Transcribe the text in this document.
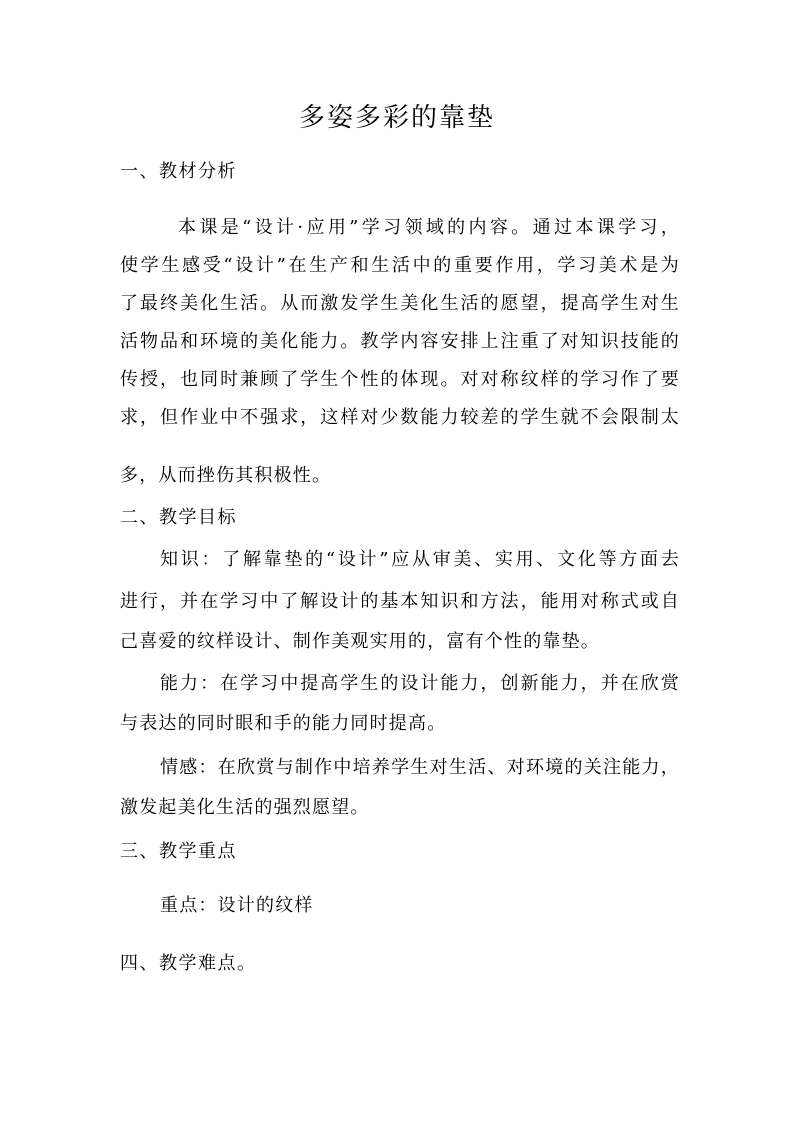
多姿多彩的靠垫
一、教材分析
本课是“设计·应用”学习领域的内容。通过本课学习，
使学生感受“设计”在生产和生活中的重要作用，学习美术是为
了最终美化生活。从而激发学生美化生活的愿望，提高学生对生
活物品和环境的美化能力。教学内容安排上注重了对知识技能的
传授，也同时兼顾了学生个性的体现。对对称纹样的学习作了要
求，但作业中不强求，这样对少数能力较差的学生就不会限制太
多，从而挫伤其积极性。
二、教学目标
知识：了解靠垫的“设计”应从审美、实用、文化等方面去
进行，并在学习中了解设计的基本知识和方法，能用对称式或自
己喜爱的纹样设计、制作美观实用的，富有个性的靠垫。
能力：在学习中提高学生的设计能力，创新能力，并在欣赏
与表达的同时眼和手的能力同时提高。
情感：在欣赏与制作中培养学生对生活、对环境的关注能力，
激发起美化生活的强烈愿望。
三、教学重点
重点：设计的纹样
四、教学难点。
